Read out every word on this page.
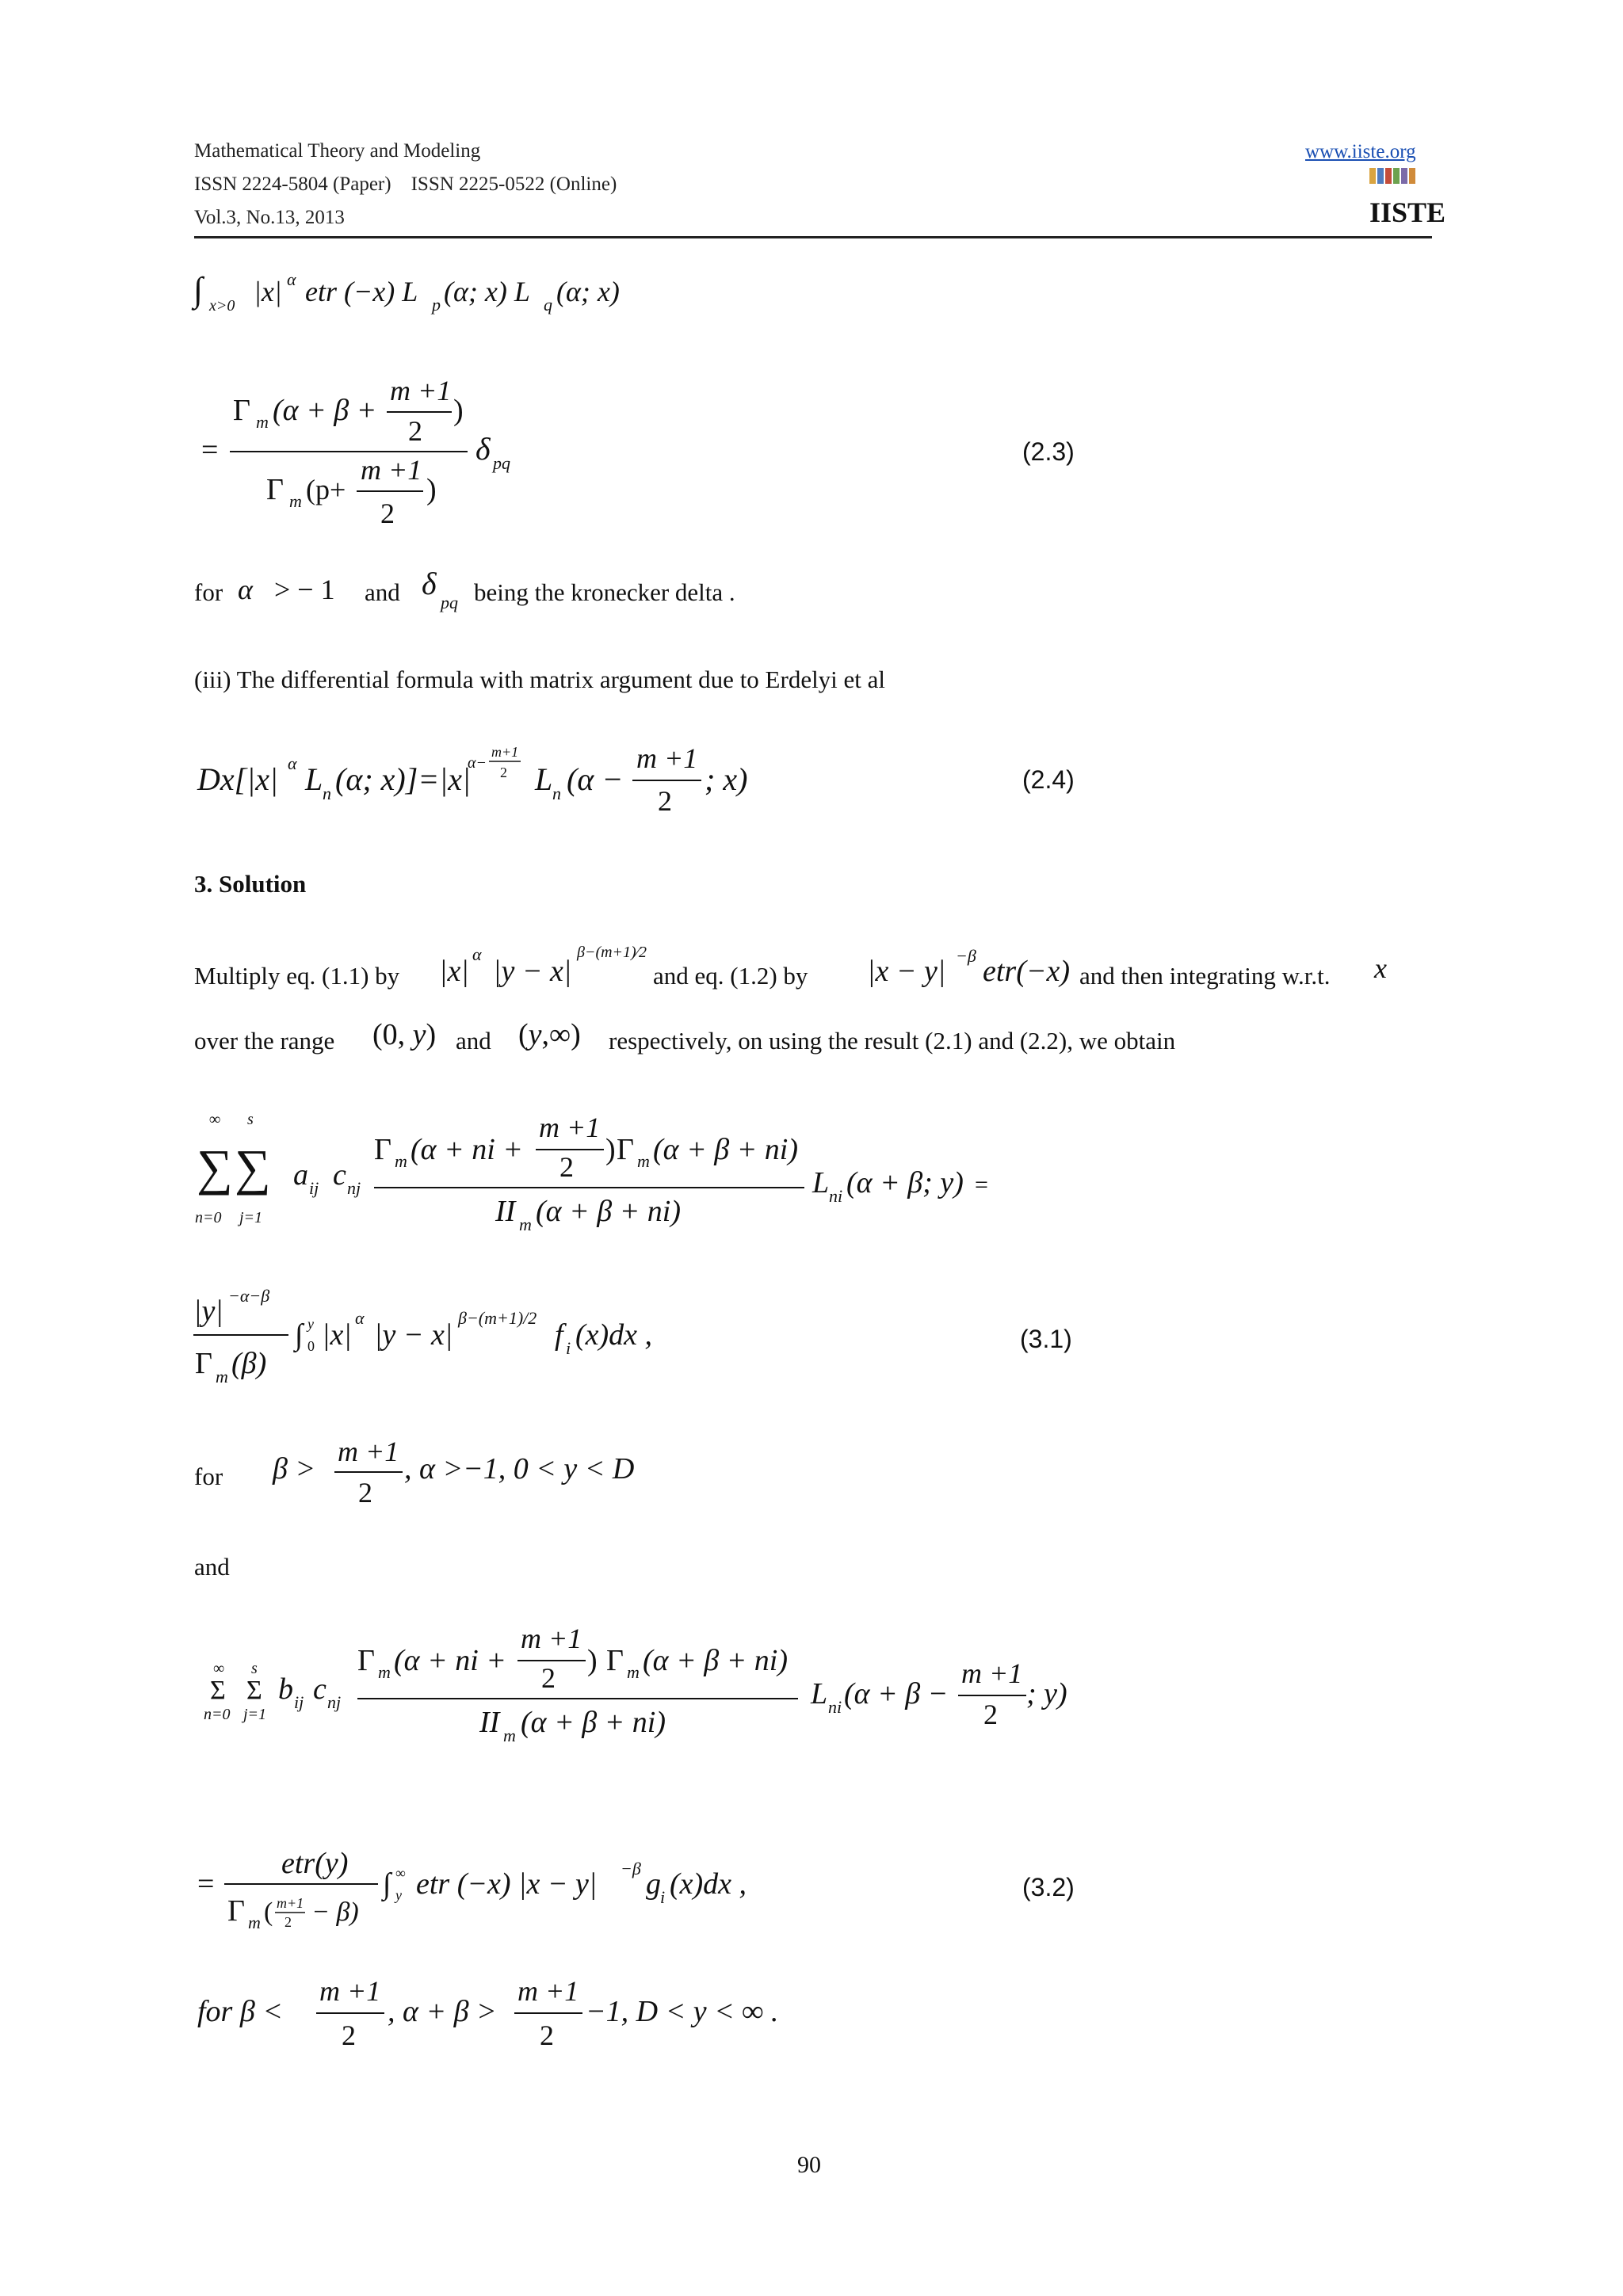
Mathematical Theory and Modeling
ISSN 2224-5804 (Paper)    ISSN 2225-0522 (Online)
Vol.3, No.13, 2013
www.iiste.org
IISTE
∫ x>0 |x| α etr (−x) L p (α; x) L q (α; x)
Γ m (α + β +
m +1
2
)
=	δ pq
Γ m (p+
m +1
2
)
(2.3)
for α > − 1 and δ
pq being the kronecker delta .
(iii) The differential formula with matrix argument due to Erdelyi et al
Dx[|x| α L n (α; x)]=|x|
α−
m+1
2 L n (α −
m +1
2
; x)	(2.4)
3. Solution
Multiply eq. (1.1) by |x|
α
|y − x|
β−(m+1)⁄2
and eq. (1.2) by |x − y| −β etr(−x) and then integrating w.r.t. x
over the range (0, y) and (y,∞) respectively, on using the result (2.1) and (2.2), we obtain
∞ s
∑ ∑
n=0 j=1
a ij c nj
Γ m (α + ni +
m +1
2
) Γ m (α + β + ni)
II m (α + β + ni)
L ni (α + β; y) =
|y| −α−β
Γ m (β)
∫ y
0 |x|
α
|y − x|
β−(m+1)/2
f i (x)dx ,	(3.1)
for β >
m +1
2
, α >−1, 0 < y < D
and
∞ s
Σ Σ
n=0 j=1
b ij c nj
Γ m (α + ni +
m +1
2
) Γ m (α + β + ni)
II m (α + β + ni)
L ni (α + β −
m +1
2
; y)
=
etr(y)
Γ m ( m+1
2 − β)
∫ ∞
y etr (−x) |x − y| −β g i (x)dx ,	(3.2)
for β <
m +1
2
, α + β >
m +1
2
−1, D < y < ∞ .
90
